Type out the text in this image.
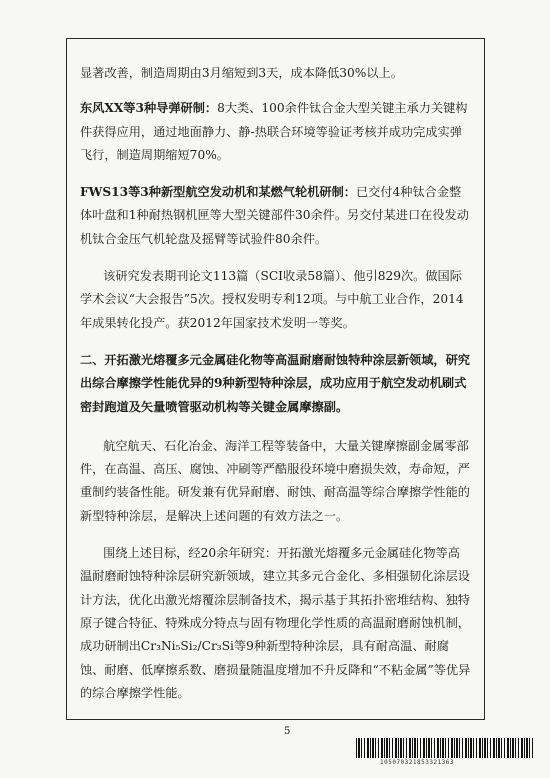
显著改善，制造周期由3月缩短到3天，成本降低30%以上。

东风XX等3种导弹研制：8大类、100余件钛合金大型关键主承力关键构件获得应用，通过地面静力、静-热联合环境等验证考核并成功完成实弹飞行，制造周期缩短70%。

FWS13等3种新型航空发动机和某燃气轮机研制：已交付4种钛合金整体叶盘和1种耐热钢机匣等大型关键部件30余件。另交付某进口在役发动机钛合金压气机轮盘及摇臂等试验件80余件。

该研究发表期刊论文113篇（SCI收录58篇）、他引829次。做国际学术会议“大会报告”5次。授权发明专利12项。与中航工业合作，2014年成果转化投产。获2012年国家技术发明一等奖。

二、开拓激光熔覆多元金属硅化物等高温耐磨耐蚀特种涂层新领域，研究出综合摩擦学性能优异的9种新型特种涂层，成功应用于航空发动机刷式密封跑道及矢量喷管驱动机构等关键金属摩擦副。

航空航天、石化冶金、海洋工程等装备中，大量关键摩擦副金属零部件，在高温、高压、腐蚀、冲刷等严酷服役环境中磨损失效，寿命短，严重制约装备性能。研发兼有优异耐磨、耐蚀、耐高温等综合摩擦学性能的新型特种涂层，是解决上述问题的有效方法之一。

围绕上述目标，经20余年研究：开拓激光熔覆多元金属硅化物等高温耐磨耐蚀特种涂层研究新领域，建立其多元合金化、多相强韧化涂层设计方法，优化出激光熔覆涂层制备技术，揭示基于其拓扑密堆结构、独特原子键合特征、特殊成分特点与固有物理化学性质的高温耐磨耐蚀机制，成功研制出Cr₃Ni₅Si₂/Cr₃Si等9种新型特种涂层，具有耐高温、耐腐蚀、耐磨、低摩擦系数、磨损量随温度增加不升反降和“不粘金属”等优异的综合摩擦学性能。

5
105070321853321363
